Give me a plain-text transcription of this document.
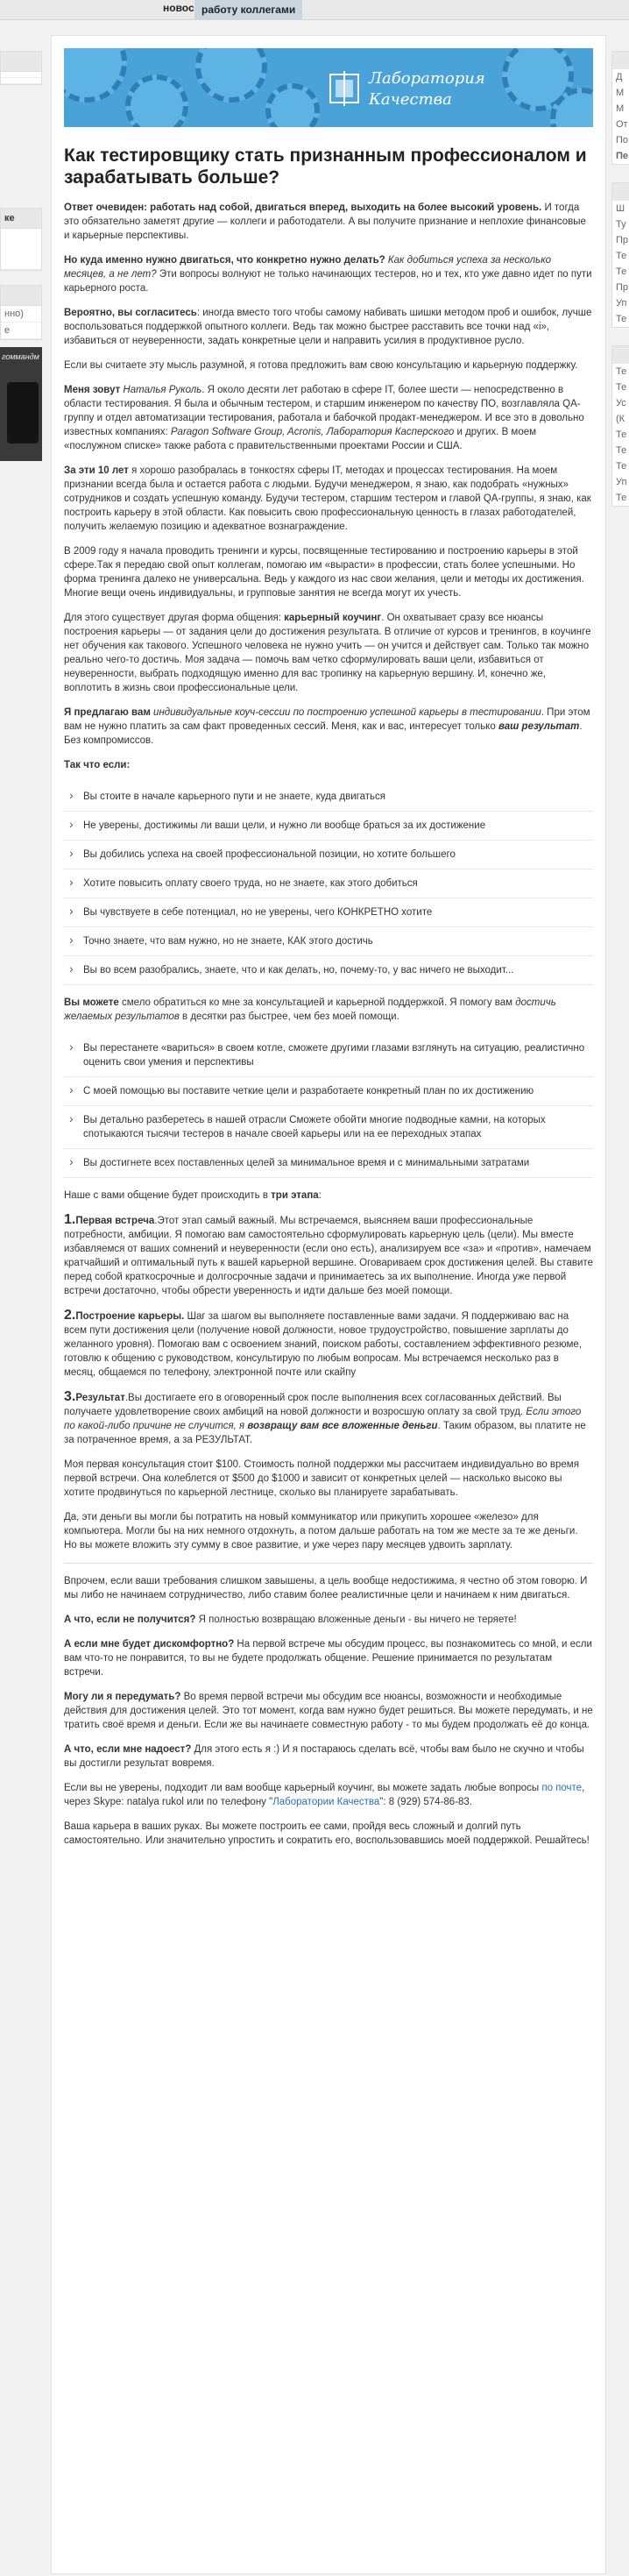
новос работу коллегами
ке
нно)
е
гоммандм
Д
М
М
От
По
Пе
Ш
Ту
Пр
Те
Те
Пр
Уп
Те
Те
Те
Ус
(К
Те
Те
Те
Уп
Те
Лаборатория
Качества
Как тестировщику стать признанным профессионалом и зарабатывать больше?

Ответ очевиден: работать над собой, двигаться вперед, выходить на более высокий уровень. И тогда это обязательно заметят другие — коллеги и работодатели. А вы получите признание и неплохие финансовые и карьерные перспективы.

Но куда именно нужно двигаться, что конкретно нужно делать? Как добиться успеха за несколько месяцев, а не лет? Эти вопросы волнуют не только начинающих тестеров, но и тех, кто уже давно идет по пути карьерного роста.

Вероятно, вы согласитесь: иногда вместо того чтобы самому набивать шишки методом проб и ошибок, лучше воспользоваться поддержкой опытного коллеги. Ведь так можно быстрее расставить все точки над «i», избавиться от неуверенности, задать конкретные цели и направить усилия в продуктивное русло.

Если вы считаете эту мысль разумной, я готова предложить вам свою консультацию и карьерную поддержку.

Меня зовут Наталья Руколь. Я около десяти лет работаю в сфере IT, более шести — непосредственно в области тестирования. Я была и обычным тестером, и старшим инженером по качеству ПО, возглавляла QA-группу и отдел автоматизации тестирования, работала и бабочкой продакт-менеджером. И все это в довольно известных компаниях: Paragon Software Group, Acronis, Лаборатория Касперского и других. В моем «послужном списке» также работа с правительственными проектами России и США.

За эти 10 лет я хорошо разобралась в тонкостях сферы IT, методах и процессах тестирования. На моем признании всегда была и остается работа с людьми. Будучи менеджером, я знаю, как подобрать «нужных» сотрудников и создать успешную команду. Будучи тестером, старшим тестером и главой QA-группы, я знаю, как построить карьеру в этой области. Как повысить свою профессиональную ценность в глазах работодателей, получить желаемую позицию и адекватное вознаграждение.

В 2009 году я начала проводить тренинги и курсы, посвященные тестированию и построению карьеры в этой сфере.Так я передаю свой опыт коллегам, помогаю им «вырасти» в профессии, стать более успешными. Но форма тренинга далеко не универсальна. Ведь у каждого из нас свои желания, цели и методы их достижения. Многие вещи очень индивидуальны, и групповые занятия не всегда могут их учесть.

Для этого существует другая форма общения: карьерный коучинг. Он охватывает сразу все нюансы построения карьеры — от задания цели до достижения результата. В отличие от курсов и тренингов, в коучинге нет обучения как такового. Успешного человека не нужно учить — он учится и действует сам. Только так можно реально чего-то достичь. Моя задача — помочь вам четко сформулировать ваши цели, избавиться от неуверенности, выбрать подходящую именно для вас тропинку на карьерную вершину. И, конечно же, воплотить в жизнь свои профессиональные цели.

Я предлагаю вам индивидуальные коуч-сессии по построению успешной карьеры в тестировании. При этом вам не нужно платить за сам факт проведенных сессий. Меня, как и вас, интересует только ваш результат. Без компромиссов.

Так что если:

› Вы стоите в начале карьерного пути и не знаете, куда двигаться
› Не уверены, достижимы ли ваши цели, и нужно ли вообще браться за их достижение
› Вы добились успеха на своей профессиональной позиции, но хотите большего
› Хотите повысить оплату своего труда, но не знаете, как этого добиться
› Вы чувствуете в себе потенциал, но не уверены, чего КОНКРЕТНО хотите
› Точно знаете, что вам нужно, но не знаете, КАК этого достичь
› Вы во всем разобрались, знаете, что и как делать, но, почему-то, у вас ничего не выходит...

Вы можете смело обратиться ко мне за консультацией и карьерной поддержкой. Я помогу вам достичь желаемых результатов в десятки раз быстрее, чем без моей помощи.

› Вы перестанете «вариться» в своем котле, сможете другими глазами взглянуть на ситуацию, реалистично оценить свои умения и перспективы
› С моей помощью вы поставите четкие цели и разработаете конкретный план по их достижению
› Вы детально разберетесь в нашей отрасли Сможете обойти многие подводные камни, на которых спотыкаются тысячи тестеров в начале своей карьеры или на ее переходных этапах
› Вы достигнете всех поставленных целей за минимальное время и с минимальными затратами

Наше с вами общение будет происходить в три этапа:

1.Первая встреча.Этот этап самый важный. Мы встречаемся, выясняем ваши профессиональные потребности, амбиции. Я помогаю вам самостоятельно сформулировать карьерную цель (цели). Мы вместе избавляемся от ваших сомнений и неуверенности (если оно есть), анализируем все «за» и «против», намечаем кратчайший и оптимальный путь к вашей карьерной вершине. Оговариваем срок достижения целей. Вы ставите перед собой краткосрочные и долгосрочные задачи и принимаетесь за их выполнение. Иногда уже первой встречи достаточно, чтобы обрести уверенность и идти дальше без моей помощи.

2.Построение карьеры. Шаг за шагом вы выполняете поставленные вами задачи. Я поддерживаю вас на всем пути достижения цели (получение новой должности, новое трудоустройство, повышение зарплаты до желанного уровня). Помогаю вам с освоением знаний, поиском работы, составлением эффективного резюме, готовлю к общению с руководством, консультирую по любым вопросам. Мы встречаемся несколько раз в месяц, общаемся по телефону, электронной почте или скайпу

3.Результат.Вы достигаете его в оговоренный срок после выполнения всех согласованных действий. Вы получаете удовлетворение своих амбиций на новой должности и возросшую оплату за свой труд. Если этого по какой-либо причине не случится, я возвращу вам все вложенные деньги. Таким образом, вы платите не за потраченное время, а за РЕЗУЛЬТАТ.

Моя первая консультация стоит $100. Стоимость полной поддержки мы рассчитаем индивидуально во время первой встречи. Она колеблется от $500 до $1000 и зависит от конкретных целей — насколько высоко вы хотите продвинуться по карьерной лестнице, сколько вы планируете зарабатывать.

Да, эти деньги вы могли бы потратить на новый коммуникатор или прикупить хорошее «железо» для компьютера. Могли бы на них немного отдохнуть, а потом дальше работать на том же месте за те же деньги. Но вы можете вложить эту сумму в свое развитие, и уже через пару месяцев удвоить зарплату.

Впрочем, если ваши требования слишком завышены, а цель вообще недостижима, я честно об этом говорю. И мы либо не начинаем сотрудничество, либо ставим более реалистичные цели и начинаем к ним двигаться.

А что, если не получится? Я полностью возвращаю вложенные деньги - вы ничего не теряете!

А если мне будет дискомфортно? На первой встрече мы обсудим процесс, вы познакомитесь со мной, и если вам что-то не понравится, то вы не будете продолжать общение. Решение принимается по результатам встречи.

Могу ли я передумать? Во время первой встречи мы обсудим все нюансы, возможности и необходимые действия для достижения целей. Это тот момент, когда вам нужно будет решиться. Вы можете передумать, и не тратить своё время и деньги. Если же вы начинаете совместную работу - то мы будем продолжать её до конца.

А что, если мне надоест? Для этого есть я :) И я постараюсь сделать всё, чтобы вам было не скучно и чтобы вы достигли результат вовремя.

Если вы не уверены, подходит ли вам вообще карьерный коучинг, вы можете задать любые вопросы по почте, через Skype: natalya rukol или по телефону "Лаборатории Качества": 8 (929) 574-86-83.

Ваша карьера в ваших руках. Вы можете построить ее сами, пройдя весь сложный и долгий путь самостоятельно. Или значительно упростить и сократить его, воспользовавшись моей поддержкой. Решайтесь!
